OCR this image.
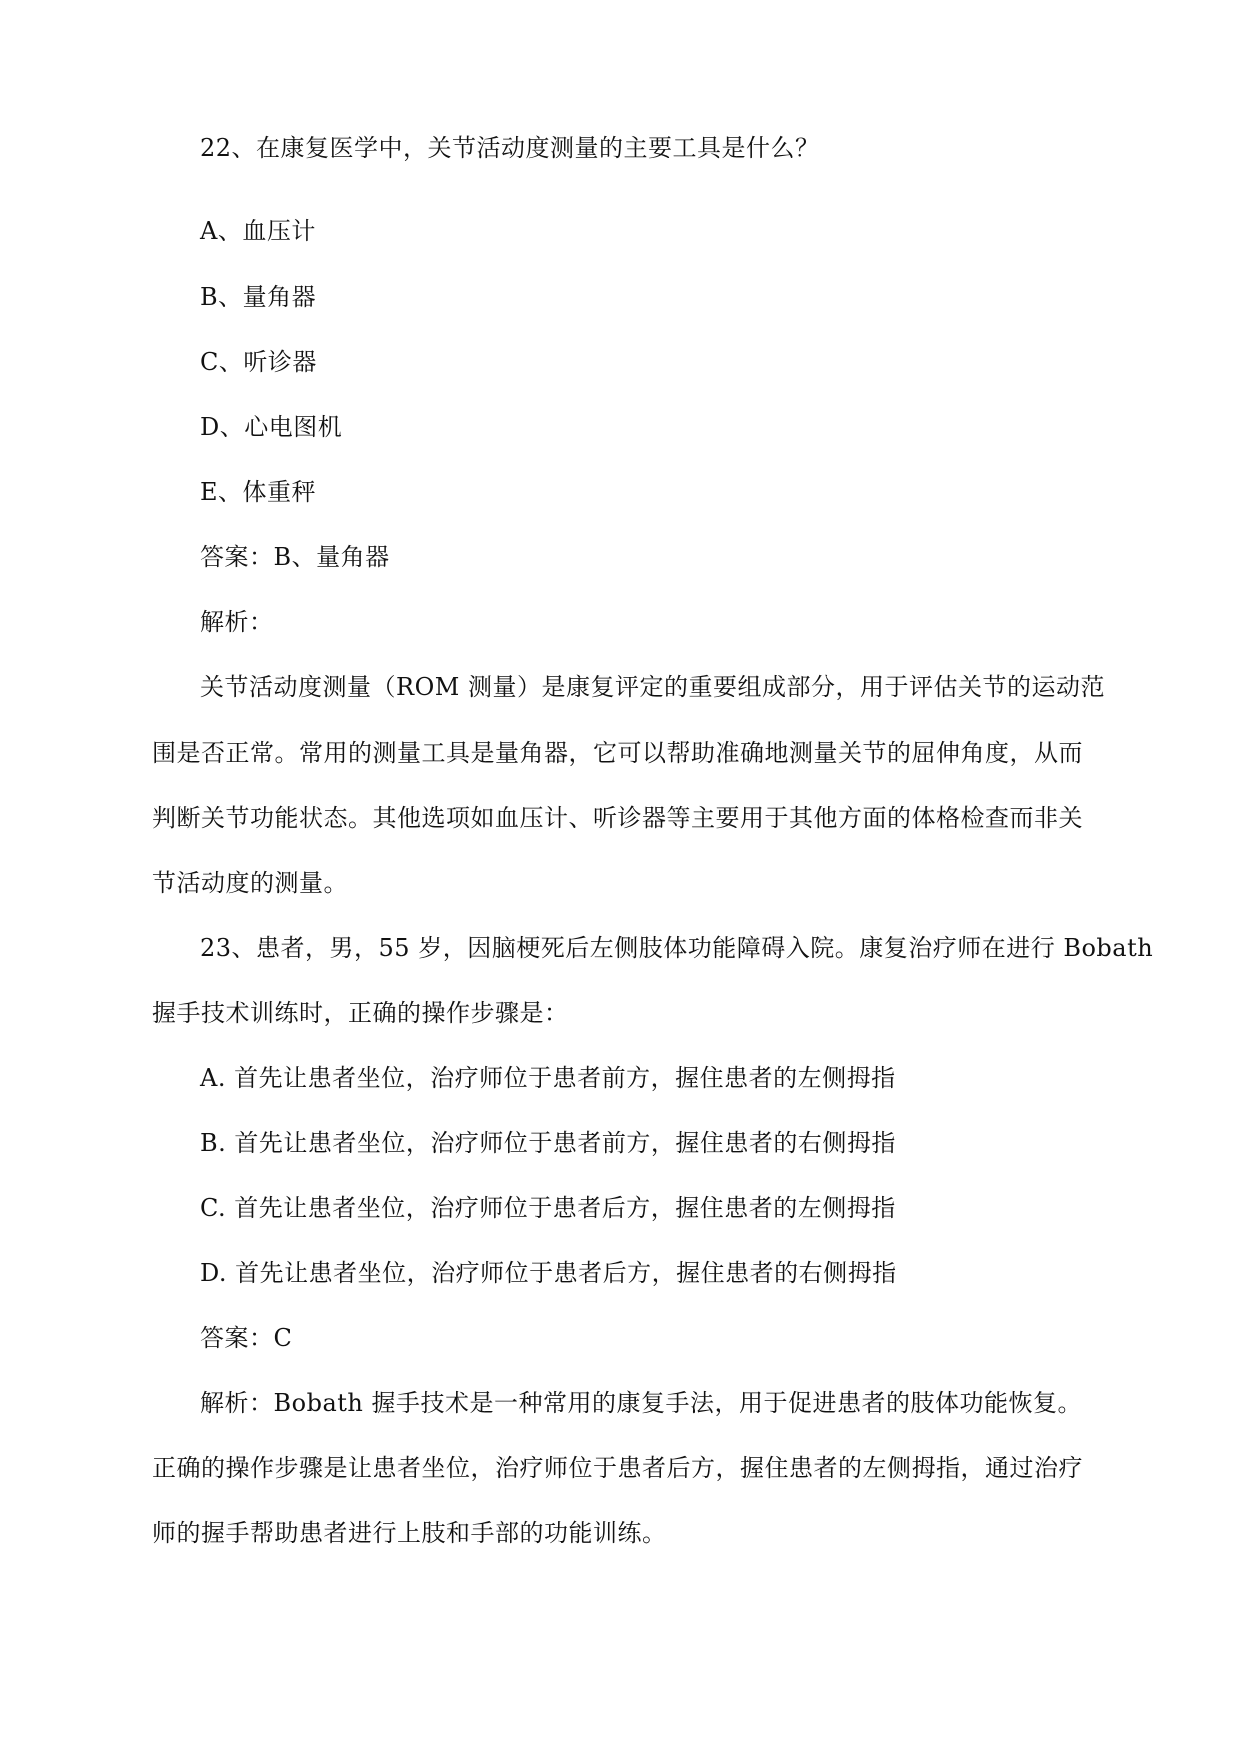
22、在康复医学中，关节活动度测量的主要工具是什么？
A、血压计
B、量角器
C、听诊器
D、心电图机
E、体重秤
答案：B、量角器
解析：
关节活动度测量（ROM 测量）是康复评定的重要组成部分，用于评估关节的运动范
围是否正常。常用的测量工具是量角器，它可以帮助准确地测量关节的屈伸角度，从而
判断关节功能状态。其他选项如血压计、听诊器等主要用于其他方面的体格检查而非关
节活动度的测量。
23、患者，男，55 岁，因脑梗死后左侧肢体功能障碍入院。康复治疗师在进行 Bobath
握手技术训练时，正确的操作步骤是：
A. 首先让患者坐位，治疗师位于患者前方，握住患者的左侧拇指
B. 首先让患者坐位，治疗师位于患者前方，握住患者的右侧拇指
C. 首先让患者坐位，治疗师位于患者后方，握住患者的左侧拇指
D. 首先让患者坐位，治疗师位于患者后方，握住患者的右侧拇指
答案：C
解析：Bobath 握手技术是一种常用的康复手法，用于促进患者的肢体功能恢复。
正确的操作步骤是让患者坐位，治疗师位于患者后方，握住患者的左侧拇指，通过治疗
师的握手帮助患者进行上肢和手部的功能训练。
